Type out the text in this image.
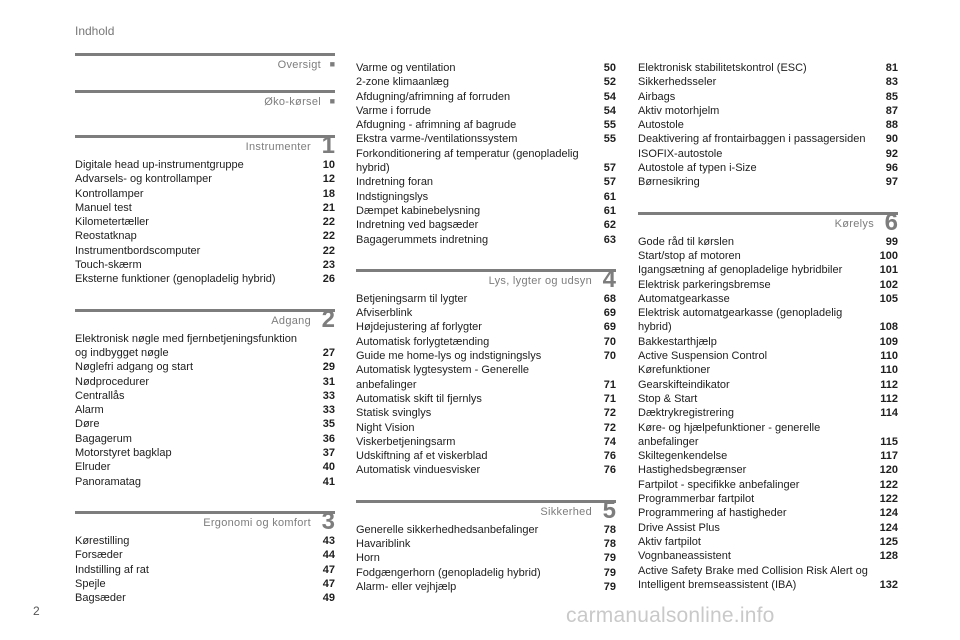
Indhold
Oversigt ■
Øko-kørsel ■
Instrumenter 1
Digitale head up-instrumentgruppe	10
Advarsels- og kontrollamper	12
Kontrollamper	18
Manuel test	21
Kilometertæller	22
Reostatknap	22
Instrumentbordscomputer	22
Touch-skærm	23
Eksterne funktioner (genopladelig hybrid)	26
Adgang 2
Elektronisk nøgle med fjernbetjeningsfunktion og indbygget nøgle	27
Nøglefri adgang og start	29
Nødprocedurer	31
Centrallås	33
Alarm	33
Døre	35
Bagagerum	36
Motorstyret bagklap	37
Elruder	40
Panoramatag	41
Ergonomi og komfort 3
Kørestilling	43
Forsæder	44
Indstilling af rat	47
Spejle	47
Bagsæder	49
Varme og ventilation	50
2-zone klimaanlæg	52
Afdugning/afrimning af forruden	54
Varme i forrude	54
Afdugning - afrimning af bagrude	55
Ekstra varme-/ventilationssystem	55
Forkonditionering af temperatur (genopladelig hybrid)	57
Indretning foran	57
Indstigningslys	61
Dæmpet kabinebelysning	61
Indretning ved bagsæder	62
Bagagerummets indretning	63
Lys, lygter og udsyn 4
Betjeningsarm til lygter	68
Afviserblink	69
Højdejustering af forlygter	69
Automatisk forlygtetænding	70
Guide me home-lys og indstigningslys	70
Automatisk lygtesystem - Generelle anbefalinger	71
Automatisk skift til fjernlys	71
Statisk svinglys	72
Night Vision	72
Viskerbetjeningsarm	74
Udskiftning af et viskerblad	76
Automatisk vinduesvisker	76
Sikkerhed 5
Generelle sikkerhedhedsanbefalinger	78
Havariblink	78
Horn	79
Fodgængerhorn (genopladelig hybrid)	79
Alarm- eller vejhjælp	79
Elektronisk stabilitetskontrol (ESC)	81
Sikkerhedsseler	83
Airbags	85
Aktiv motorhjelm	87
Autostole	88
Deaktivering af frontairbaggen i passagersiden 90
ISOFIX-autostole	92
Autostole af typen i-Size	96
Børnesikring	97
Kørelys 6
Gode råd til kørslen	99
Start/stop af motoren	100
Igangsætning af genopladelige hybridbiler	101
Elektrisk parkeringsbremse	102
Automatgearkasse	105
Elektrisk automatgearkasse (genopladelig hybrid)	108
Bakkestarthjælp	109
Active Suspension Control	110
Kørefunktioner	110
Gearskifteindikator	112
Stop & Start	112
Dæktrykregistrering	114
Køre- og hjælpefunktioner - generelle anbefalinger	115
Skiltegenkendelse	117
Hastighedsbegrænser	120
Fartpilot - specifikke anbefalinger	122
Programmerbar fartpilot	122
Programmering af hastigheder	124
Drive Assist Plus	124
Aktiv fartpilot	125
Vognbaneassistent	128
Active Safety Brake med Collision Risk Alert og Intelligent bremseassistent (IBA)	132
2	carmanualsonline.info
